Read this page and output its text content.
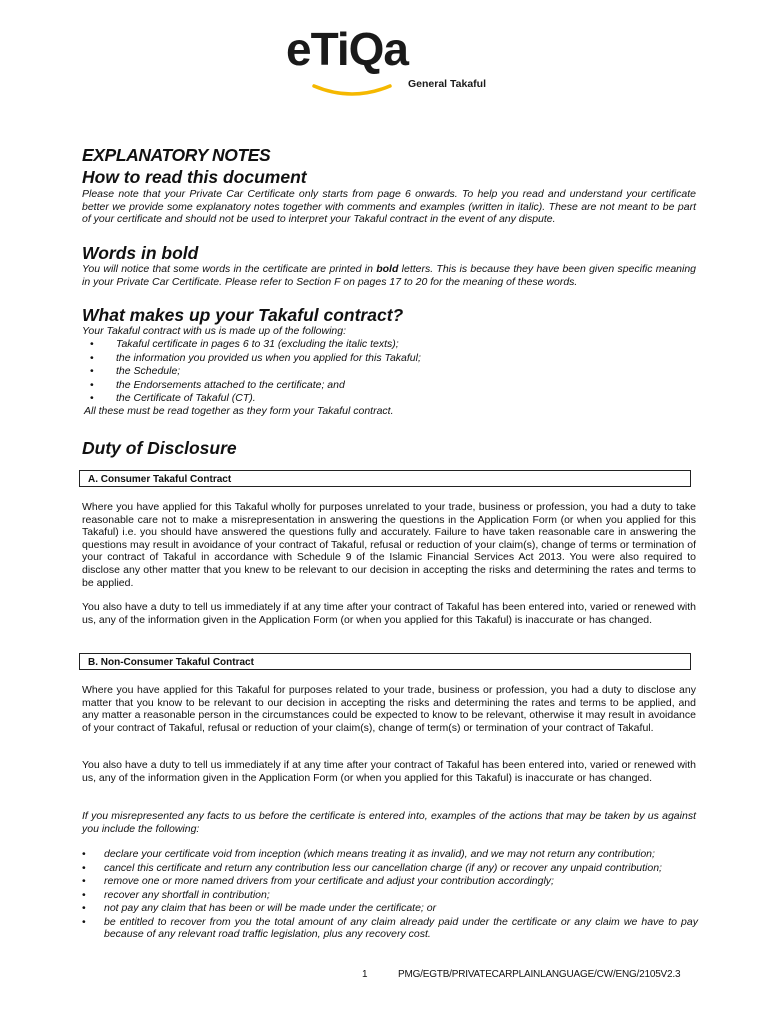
eTiQa
General Takaful
EXPLANATORY NOTES
How to read this document

Please note that your Private Car Certificate only starts from page 6 onwards. To help you read and understand your certificate better we provide some explanatory notes together with comments and examples (written in italic). These are not meant to be part of your certificate and should not be used to interpret your Takaful contract in the event of any dispute.

Words in bold

You will notice that some words in the certificate are printed in bold letters. This is because they have been given specific meaning in your Private Car Certificate. Please refer to Section F on pages 17 to 20 for the meaning of these words.

What makes up your Takaful contract?

Your Takaful contract with us is made up of the following:

• Takaful certificate in pages 6 to 31 (excluding the italic texts);
• the information you provided us when you applied for this Takaful;
• the Schedule;
• the Endorsements attached to the certificate; and
• the Certificate of Takaful (CT).

All these must be read together as they form your Takaful contract.

Duty of Disclosure
A. Consumer Takaful Contract

Where you have applied for this Takaful wholly for purposes unrelated to your trade, business or profession, you had a duty to take reasonable care not to make a misrepresentation in answering the questions in the Application Form (or when you applied for this Takaful) i.e. you should have answered the questions fully and accurately. Failure to have taken reasonable care in answering the questions may result in avoidance of your contract of Takaful, refusal or reduction of your claim(s), change of terms or termination of your contract of Takaful in accordance with Schedule 9 of the Islamic Financial Services Act 2013. You were also required to disclose any other matter that you knew to be relevant to our decision in accepting the risks and determining the rates and terms to be applied.

You also have a duty to tell us immediately if at any time after your contract of Takaful has been entered into, varied or renewed with us, any of the information given in the Application Form (or when you applied for this Takaful) is inaccurate or has changed.

B. Non-Consumer Takaful Contract

Where you have applied for this Takaful for purposes related to your trade, business or profession, you had a duty to disclose any matter that you know to be relevant to our decision in accepting the risks and determining the rates and terms to be applied, and any matter a reasonable person in the circumstances could be expected to know to be relevant, otherwise it may result in avoidance of your contract of Takaful, refusal or reduction of your claim(s), change of term(s) or termination of your contract of Takaful.

You also have a duty to tell us immediately if at any time after your contract of Takaful has been entered into, varied or renewed with us, any of the information given in the Application Form (or when you applied for this Takaful) is inaccurate or has changed.

If you misrepresented any facts to us before the certificate is entered into, examples of the actions that may be taken by us against you include the following:

• declare your certificate void from inception (which means treating it as invalid), and we may not return any contribution;
• cancel this certificate and return any contribution less our cancellation charge (if any) or recover any unpaid contribution;
• remove one or more named drivers from your certificate and adjust your contribution accordingly;
• recover any shortfall in contribution;
• not pay any claim that has been or will be made under the certificate; or
• be entitled to recover from you the total amount of any claim already paid under the certificate or any claim we have to pay because of any relevant road traffic legislation, plus any recovery cost.
1	PMG/EGTB/PRIVATECARPLAINLANGUAGE/CW/ENG/2105V2.3
